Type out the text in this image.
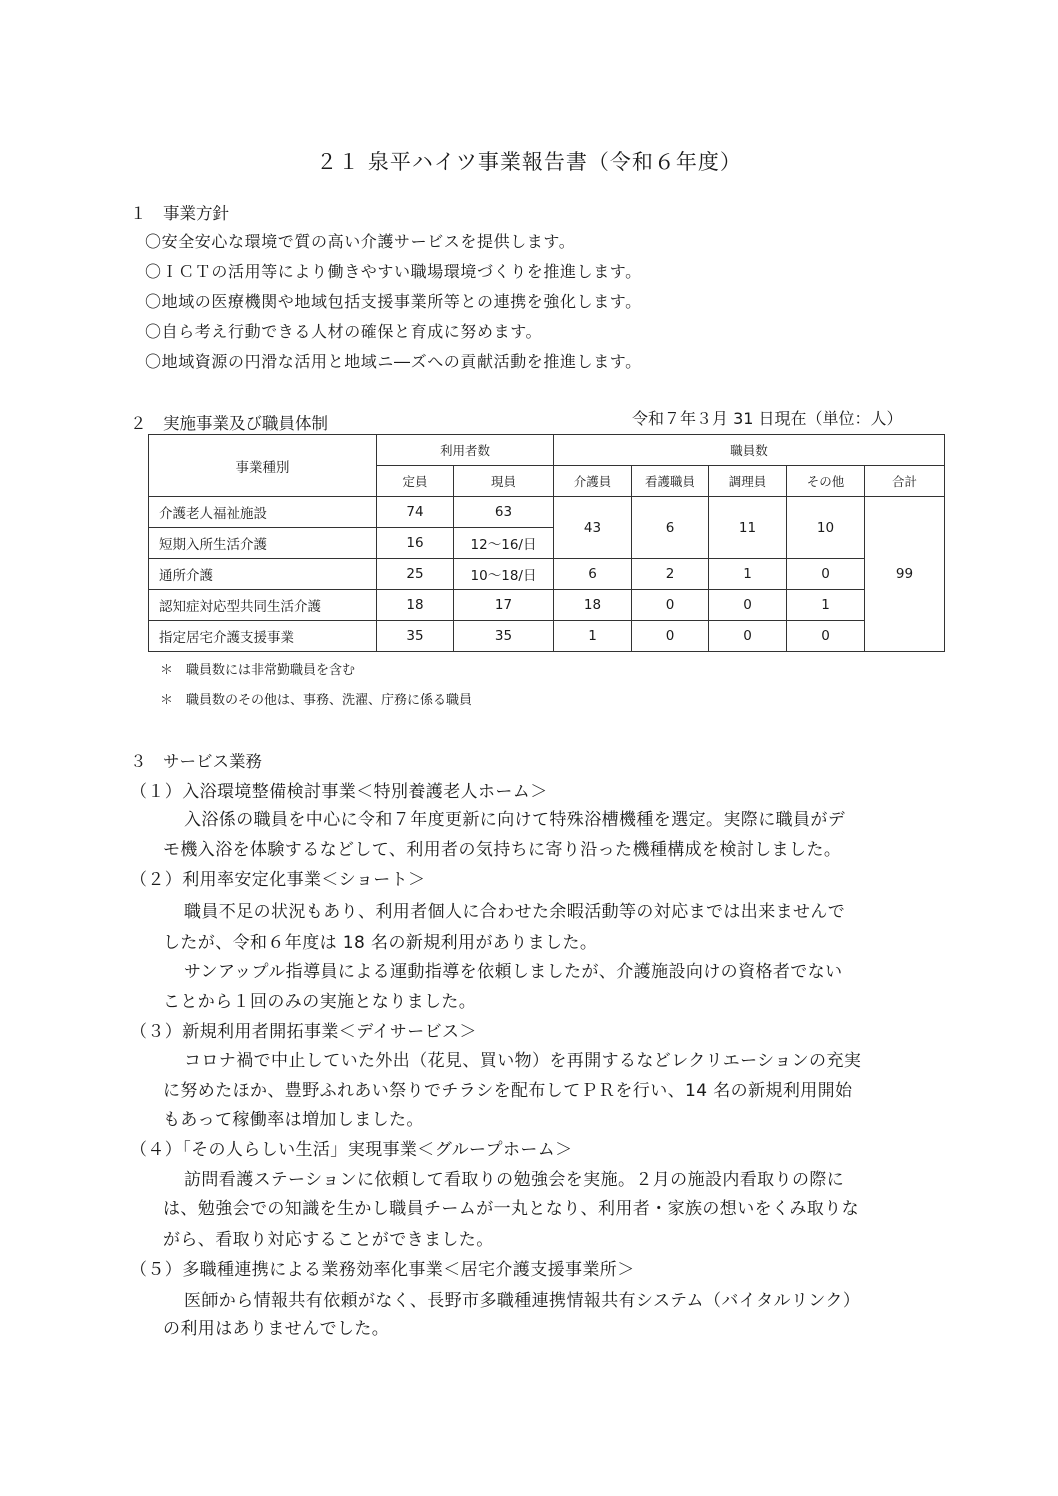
２１ 泉平ハイツ事業報告書（令和６年度）
１　事業方針
〇安全安心な環境で質の高い介護サービスを提供します。
〇ＩＣＴの活用等により働きやすい職場環境づくりを推進します。
〇地域の医療機関や地域包括支援事業所等との連携を強化します。
〇自ら考え行動できる人材の確保と育成に努めます。
〇地域資源の円滑な活用と地域ニ―ズへの貢献活動を推進します。
２　実施事業及び職員体制	令和７年３月 31 日現在（単位：人）
事業種別	利用者数		職員数				
	定員	現員	介護員	看護職員	調理員	その他	合計
介護老人福祉施設	74	63	43	6	11	10	99
短期入所生活介護	16	12～16/日					
通所介護	25	10～18/日	6	2	1	0	
認知症対応型共同生活介護	18	17	18	0	0	1	
指定居宅介護支援事業	35	35	1	0	0	0	
＊　職員数には非常勤職員を含む
＊　職員数のその他は、事務、洗濯、庁務に係る職員
３　サービス業務
（１）入浴環境整備検討事業＜特別養護老人ホーム＞
入浴係の職員を中心に令和７年度更新に向けて特殊浴槽機種を選定。実際に職員がデ
モ機入浴を体験するなどして、利用者の気持ちに寄り沿った機種構成を検討しました。
（２）利用率安定化事業＜ショート＞
職員不足の状況もあり、利用者個人に合わせた余暇活動等の対応までは出来ませんで
したが、令和６年度は 18 名の新規利用がありました。
サンアップル指導員による運動指導を依頼しましたが、介護施設向けの資格者でない
ことから１回のみの実施となりました。
（３）新規利用者開拓事業＜デイサービス＞
コロナ禍で中止していた外出（花見、買い物）を再開するなどレクリエーションの充実
に努めたほか、豊野ふれあい祭りでチラシを配布してＰＲを行い、14 名の新規利用開始
もあって稼働率は増加しました。
（４）「その人らしい生活」実現事業＜グループホーム＞
訪問看護ステーションに依頼して看取りの勉強会を実施。２月の施設内看取りの際に
は、勉強会での知識を生かし職員チームが一丸となり、利用者・家族の想いをくみ取りな
がら、看取り対応することができました。
（５）多職種連携による業務効率化事業＜居宅介護支援事業所＞
医師から情報共有依頼がなく、長野市多職種連携情報共有システム（バイタルリンク）
の利用はありませんでした。
